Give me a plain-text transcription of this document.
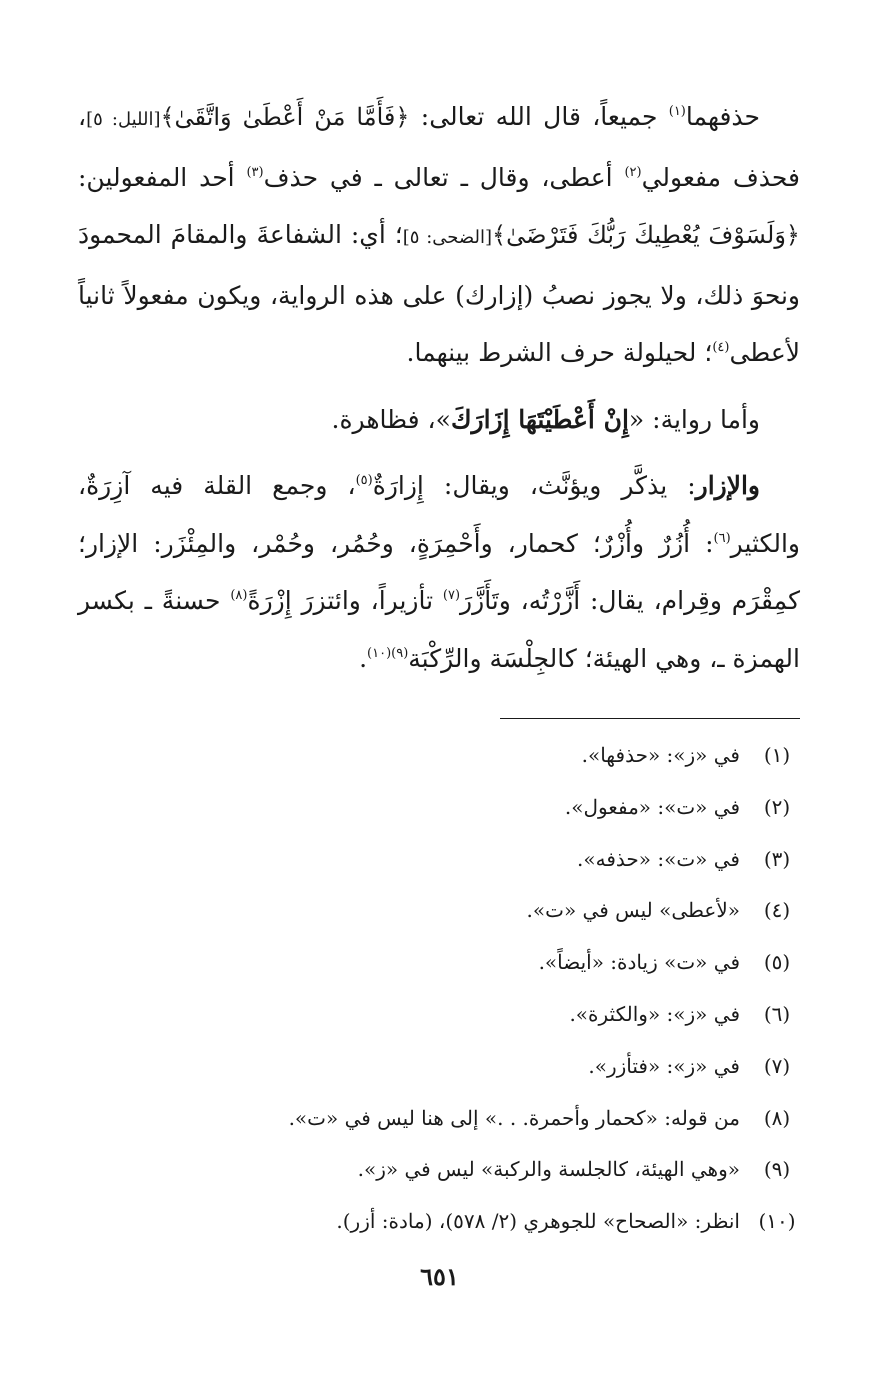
حذفهما$^{(١)}$ جميعاً، قال الله تعالى: ﴿فَأَمَّا مَنْ أَعْطَىٰ وَاتَّقَىٰ﴾[الليل: ٥]، فحذف مفعولي$^{(٢)}$ أعطى، وقال ـ تعالى ـ في حذف$^{(٣)}$ أحد المفعولين: ﴿وَلَسَوْفَ يُعْطِيكَ رَبُّكَ فَتَرْضَىٰ﴾[الضحى: ٥]؛ أي: الشفاعةَ والمقامَ المحمودَ ونحوَ ذلك، ولا يجوز نصبُ (إزارك) على هذه الرواية، ويكون مفعولاً ثانياً لأعطى$^{(٤)}$؛ لحيلولة حرف الشرط بينهما.

وأما رواية: «إِنْ أَعْطَيْتَهَا إِزَارَكَ»، فظاهرة.

والإزار: يذكَّر ويؤنَّث، ويقال: إِزارَةٌ$^{(٥)}$، وجمع القلة فيه آزِرَةٌ، والكثير$^{(٦)}$: أُزُرٌ وأُزْرٌ؛ كحمار، وأَحْمِرَةٍ، وحُمُر، وحُمْر، والمِئْزَر: الإزار؛ كمِقْرَم وقِرام، يقال: أَزَّرْتُه، وتَأَزَّرَ$^{(٧)}$ تأزيراً، وائتزرَ إِزْرَةً$^{(٨)}$ حسنةً ـ بكسر الهمزة ـ، وهي الهيئة؛ كالجِلْسَة والرِّكْبَة$^{(٩)(١٠)}$.

(١)في «ز»: «حذفها».
(٢)في «ت»: «مفعول».
(٣)في «ت»: «حذفه».
(٤)«لأعطى» ليس في «ت».
(٥)في «ت» زيادة: «أيضاً».
(٦)في «ز»: «والكثرة».
(٧)في «ز»: «فتأزر».
(٨)من قوله: «كحمار وأحمرة. . .» إلى هنا ليس في «ت».
(٩)«وهي الهيئة، كالجلسة والركبة» ليس في «ز».
(١٠)انظر: «الصحاح» للجوهري (٢/ ٥٧٨)، (مادة: أزر).
٦٥١
